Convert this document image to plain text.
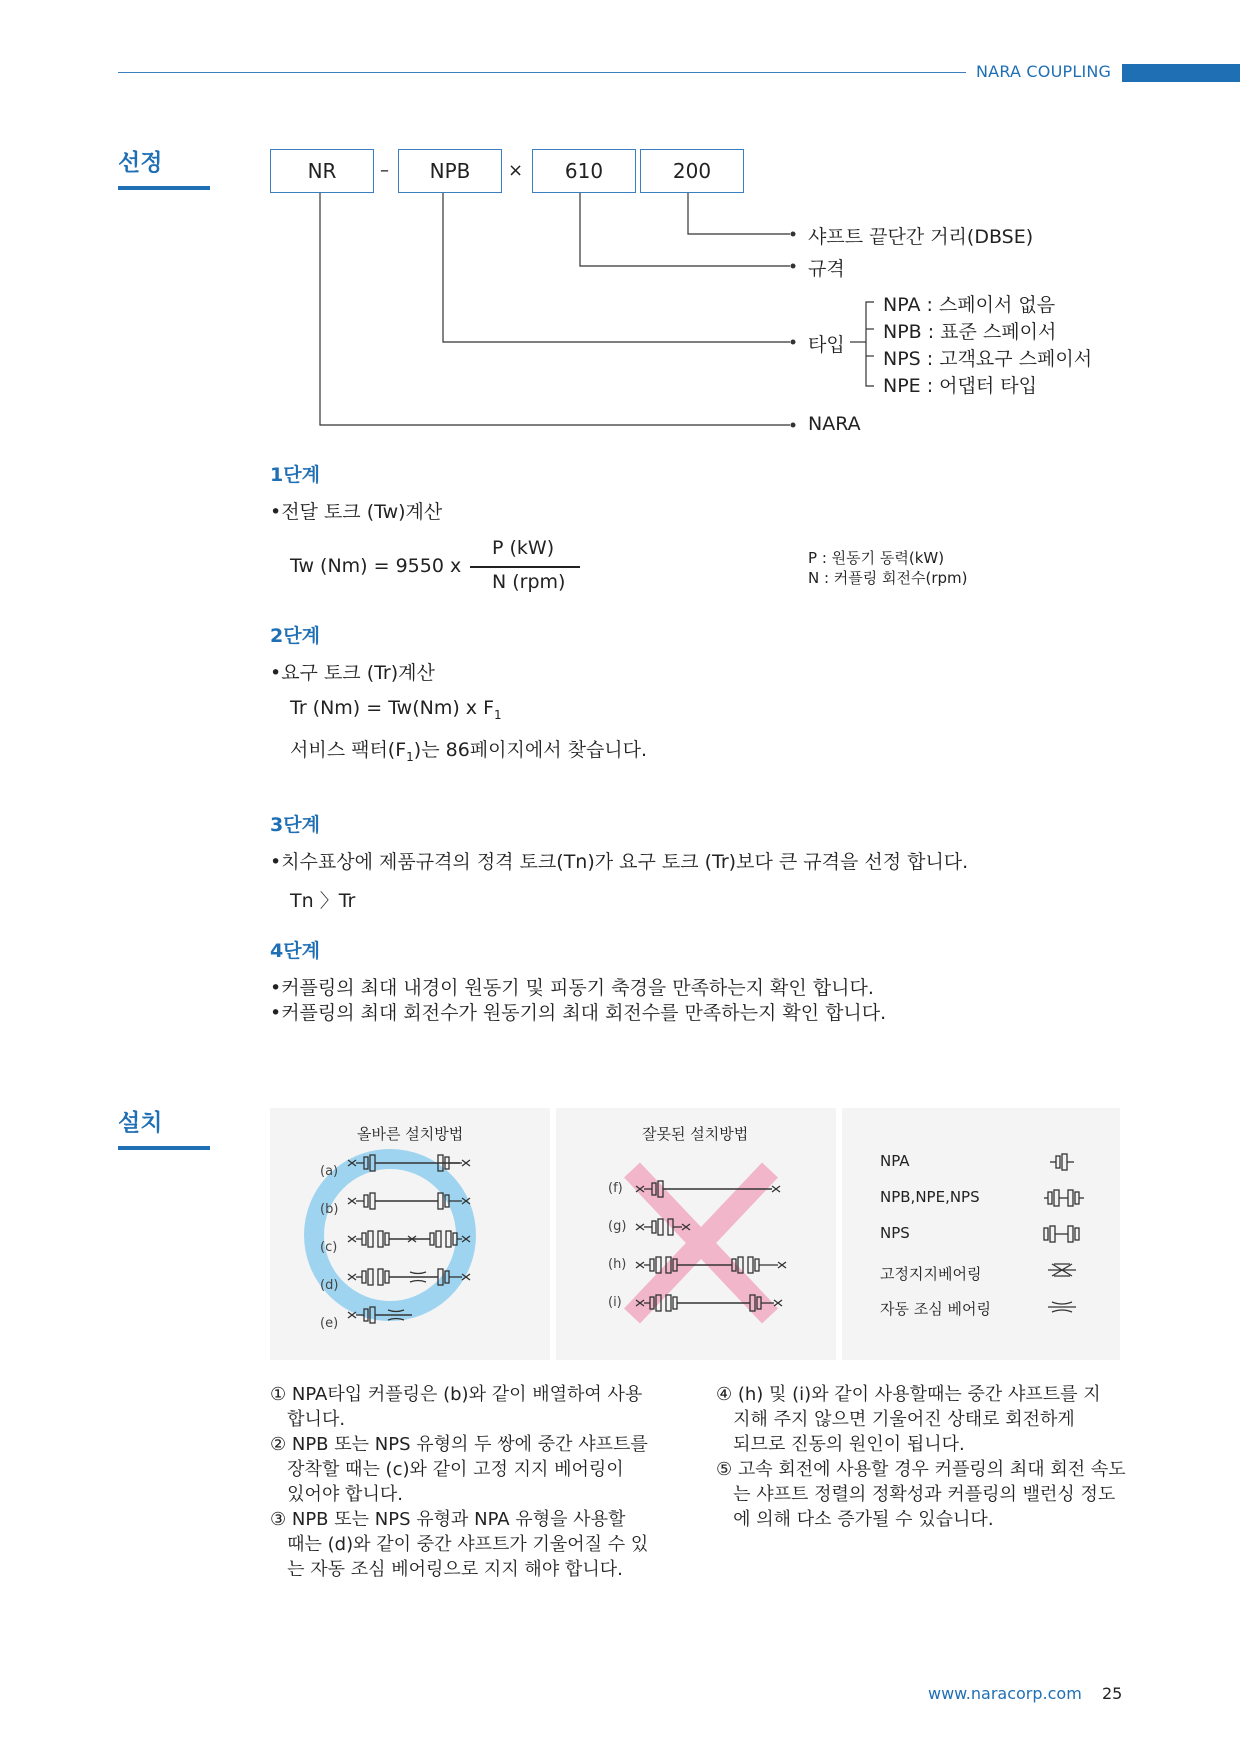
NARA COUPLING
선정	NR	–	NPB	×	610	200
샤프트 끝단간 거리(DBSE)
규격
타입
NPA : 스페이서 없음
NPB : 표준 스페이서
NPS : 고객요구 스페이서
NPE : 어댑터 타입
NARA
1단계
•전달 토크 (Tw)계산
Tw (Nm) = 9550 x
P (kW)
N (rpm)
P : 원동기 동력(kW)
N : 커플링 회전수(rpm)
2단계
•요구 토크 (Tr)계산
Tr (Nm) = Tw(Nm) x $F_1$
서비스 팩터$(F_1)$는 86페이지에서 찾습니다.
3단계
•치수표상에 제품규격의 정격 토크(Tn)가 요구 토크 (Tr)보다 큰 규격을 선정 합니다.
Tn 〉Tr
4단계
•커플링의 최대 내경이 원동기 및 피동기 축경을 만족하는지 확인 합니다.
•커플링의 최대 회전수가 원동기의 최대 회전수를 만족하는지 확인 합니다.
설치	올바른 설치방법	잘못된 설치방법
(a)
(b)
(c)
(d)
(e)
(f)
(g)
(h)
(i)
NPA
NPB,NPE,NPS
NPS
고정지지베어링
자동 조심 베어링
① NPA타입 커플링은 (b)와 같이 배열하여 사용
합니다.
② NPB 또는 NPS 유형의 두 쌍에 중간 샤프트를
장착할 때는 (c)와 같이 고정 지지 베어링이
있어야 합니다.
③ NPB 또는 NPS 유형과 NPA 유형을 사용할
때는 (d)와 같이 중간 샤프트가 기울어질 수 있
는 자동 조심 베어링으로 지지 해야 합니다.
④ (h) 및 (i)와 같이 사용할때는 중간 샤프트를 지
지해 주지 않으면 기울어진 상태로 회전하게
되므로 진동의 원인이 됩니다.
⑤ 고속 회전에 사용할 경우 커플링의 최대 회전 속도
는 샤프트 정렬의 정확성과 커플링의 밸런싱 정도
에 의해 다소 증가될 수 있습니다.
www.naracorp.com 25
